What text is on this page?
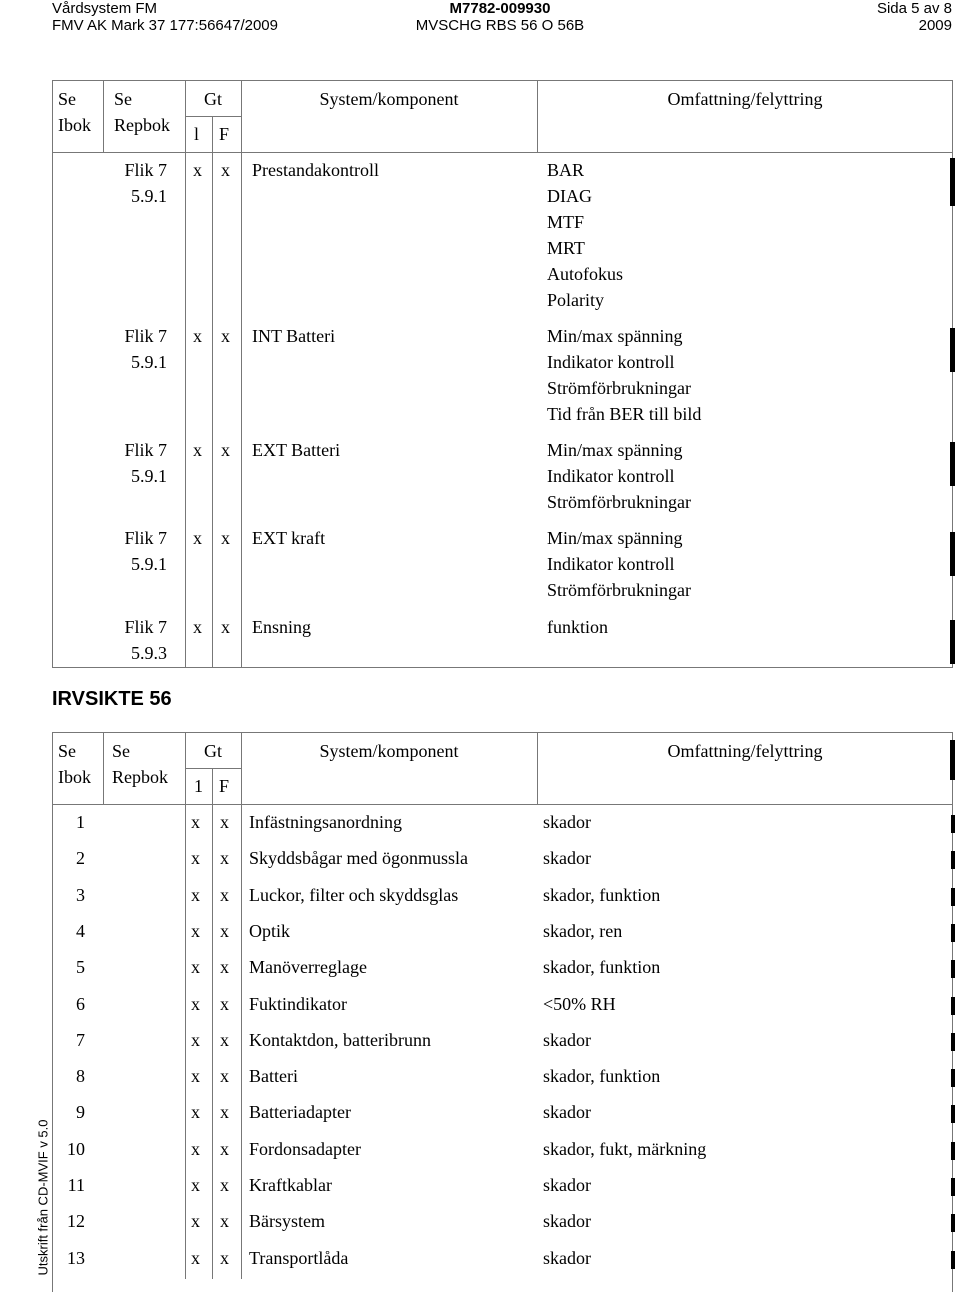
Vårdsystem FM
FMV AK Mark 37 177:56647/2009
M7782-009930
MVSCHG RBS 56 O 56B
Sida 5 av 8
2009
Se
Ibok
Se
Repbok
Gt
l F
System/komponent	Omfattning/felyttring
Flik 7
5.9.1
x x Prestandakontroll	BAR
DIAG
MTF
MRT
Autofokus
Polarity
Flik 7
5.9.1
x x INT Batteri	Min/max spänning
Indikator kontroll
Strömförbrukningar
Tid från BER till bild
Flik 7
5.9.1
x x EXT Batteri	Min/max spänning
Indikator kontroll
Strömförbrukningar
Flik 7
5.9.1
x x EXT kraft	Min/max spänning
Indikator kontroll
Strömförbrukningar
Flik 7
5.9.3
x x Ensning	funktion
IRVSIKTE 56
Se
Ibok
Se
Repbok
Gt
1 F
System/komponent	Omfattning/felyttring
1	x x Infästningsanordning	skador
2	x x Skyddsbågar med ögonmussla	skador
3	x x Luckor, filter och skyddsglas	skador, funktion
4	x x Optik	skador, ren
5	x x Manöverreglage	skador, funktion
6	x x Fuktindikator	<50% RH
7	x x Kontaktdon, batteribrunn	skador
8	x x Batteri	skador, funktion
9	x x Batteriadapter	skador
10	x x Fordonsadapter	skador, fukt, märkning
11	x x Kraftkablar	skador
12	x x Bärsystem	skador
13	x x Transportlåda	skador
Utskrift från CD-MVIF v 5.0
